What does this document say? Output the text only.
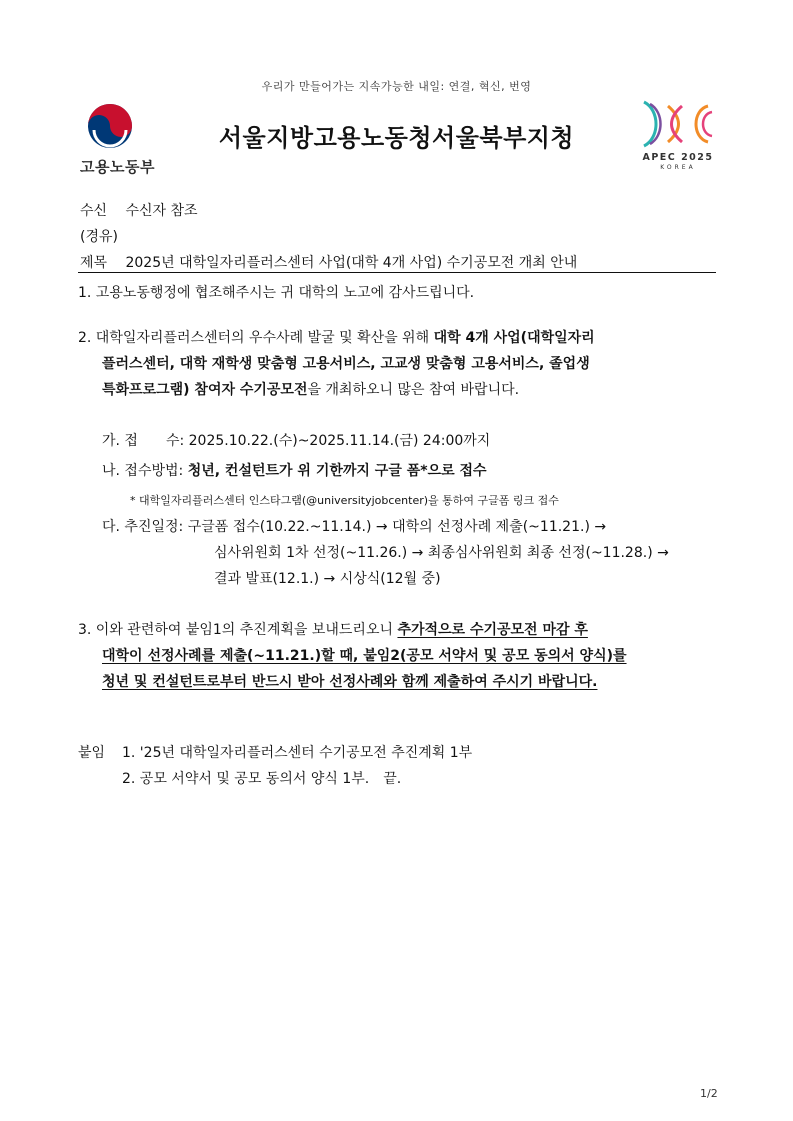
우리가 만들어가는 지속가능한 내일: 연결, 혁신, 번영
고용노동부
서울지방고용노동청서울북부지청
APEC 2025
KOREA
수신　 수신자 참조
(경유)
제목　 2025년 대학일자리플러스센터 사업(대학 4개 사업) 수기공모전 개최 안내
1. 고용노동행정에 협조해주시는 귀 대학의 노고에 감사드립니다.
2. 대학일자리플러스센터의 우수사례 발굴 및 확산을 위해 대학 4개 사업(대학일자리
플러스센터, 대학 재학생 맞춤형 고용서비스, 고교생 맞춤형 고용서비스, 졸업생
특화프로그램) 참여자 수기공모전을 개최하오니 많은 참여 바랍니다.
가. 접　　수: 2025.10.22.(수)~2025.11.14.(금) 24:00까지
나. 접수방법: 청년, 컨설턴트가 위 기한까지 구글 폼*으로 접수
* 대학일자리플러스센터 인스타그램(@universityjobcenter)을 통하여 구글폼 링크 접수
다. 추진일정: 구글폼 접수(10.22.~11.14.) → 대학의 선정사례 제출(~11.21.) →
심사위원회 1차 선정(~11.26.) → 최종심사위원회 최종 선정(~11.28.) →
결과 발표(12.1.) → 시상식(12월 중)
3. 이와 관련하여 붙임1의 추진계획을 보내드리오니 추가적으로 수기공모전 마감 후
대학이 선정사례를 제출(~11.21.)할 때, 붙임2(공모 서약서 및 공모 동의서 양식)를
청년 및 컨설턴트로부터 반드시 받아 선정사례와 함께 제출하여 주시기 바랍니다.
붙임 1. '25년 대학일자리플러스센터 수기공모전 추진계획 1부
2. 공모 서약서 및 공모 동의서 양식 1부.　끝.
1/2
